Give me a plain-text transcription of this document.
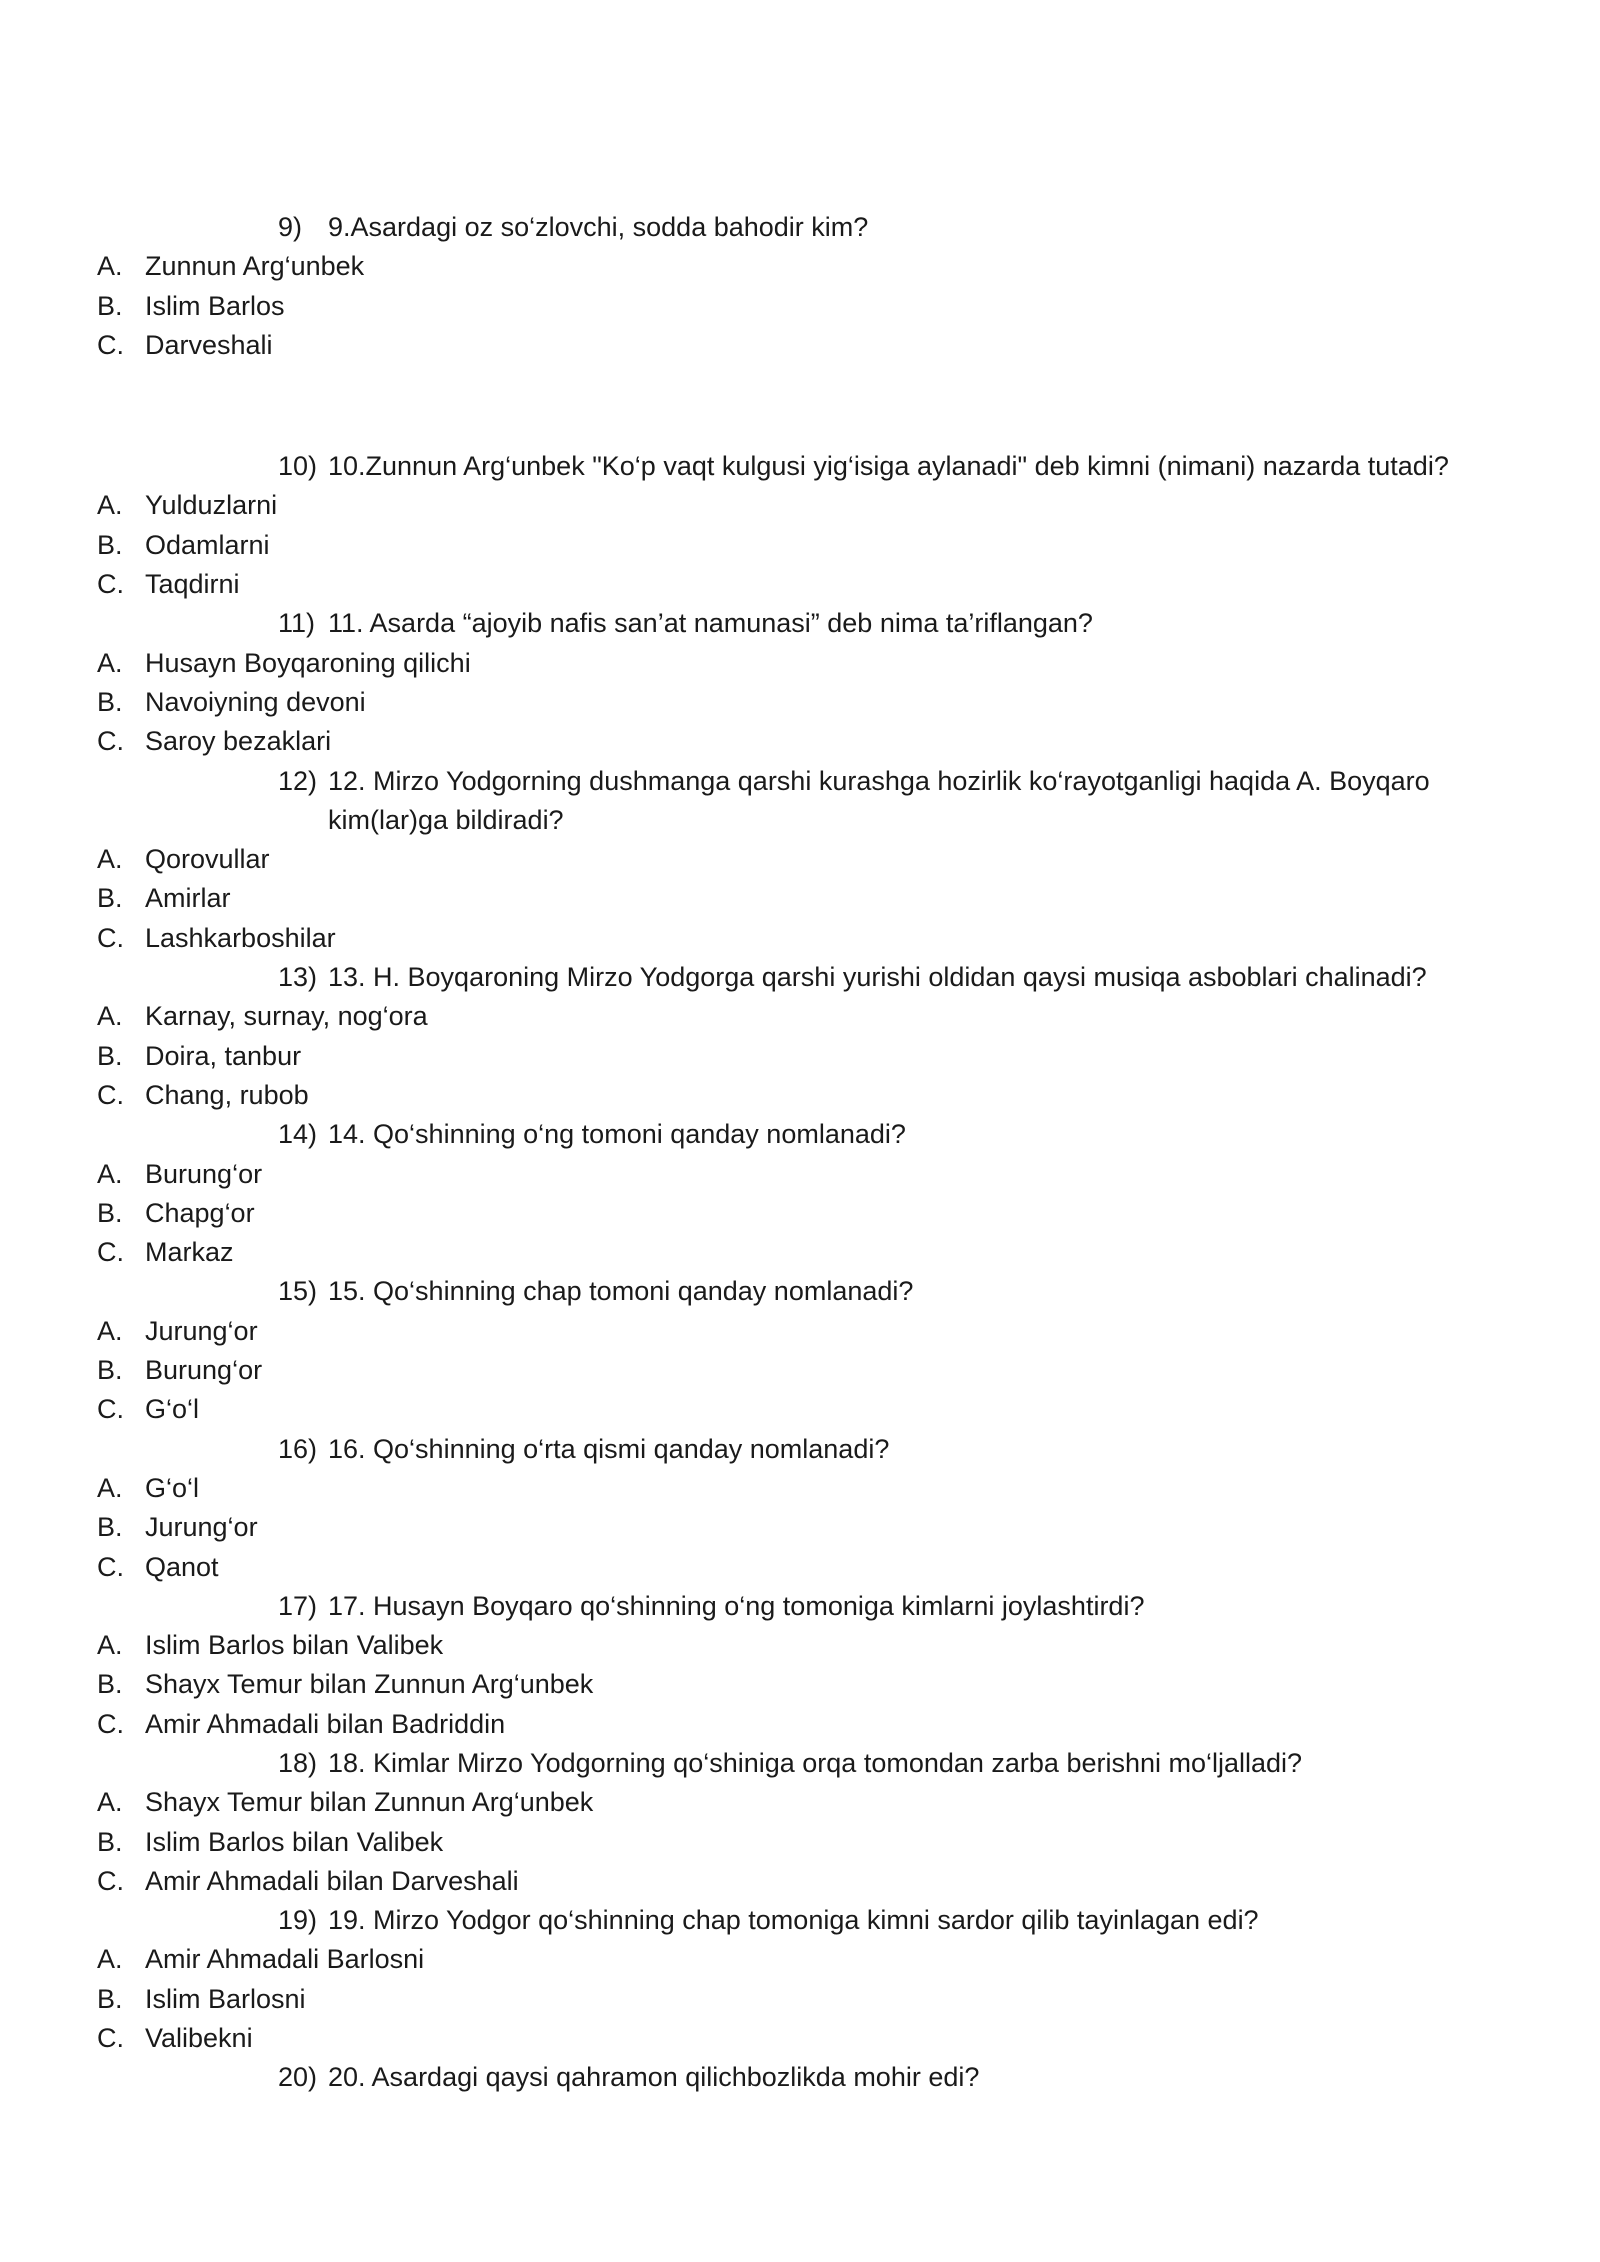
9) 9.Asardagi oz so‘zlovchi, sodda bahodir kim?
A. Zunnun Arg‘unbek
B. Islim Barlos
C. Darveshali
10) 10.Zunnun Arg‘unbek "Ko‘p vaqt kulgusi yig‘isiga aylanadi" deb kimni (nimani) nazarda tutadi?
A. Yulduzlarni
B. Odamlarni
C. Taqdirni
11) 11. Asarda “ajoyib nafis san’at namunasi” deb nima ta’riflangan?
A. Husayn Boyqaroning qilichi
B. Navoiyning devoni
C. Saroy bezaklari
12) 12. Mirzo Yodgorning dushmanga qarshi kurashga hozirlik ko‘rayotganligi haqida A. Boyqaro kim(lar)ga bildiradi?
A. Qorovullar
B. Amirlar
C. Lashkarboshilar
13) 13. H. Boyqaroning Mirzo Yodgorga qarshi yurishi oldidan qaysi musiqa asboblari chalinadi?
A. Karnay, surnay, nog‘ora
B. Doira, tanbur
C. Chang, rubob
14) 14. Qo‘shinning o‘ng tomoni qanday nomlanadi?
A. Burung‘or
B. Chapg‘or
C. Markaz
15) 15. Qo‘shinning chap tomoni qanday nomlanadi?
A. Jurung‘or
B. Burung‘or
C. G‘o‘l
16) 16. Qo‘shinning o‘rta qismi qanday nomlanadi?
A. G‘o‘l
B. Jurung‘or
C. Qanot
17) 17. Husayn Boyqaro qo‘shinning o‘ng tomoniga kimlarni joylashtirdi?
A. Islim Barlos bilan Valibek
B. Shayx Temur bilan Zunnun Arg‘unbek
C. Amir Ahmadali bilan Badriddin
18) 18. Kimlar Mirzo Yodgorning qo‘shiniga orqa tomondan zarba berishni mo‘ljalladi?
A. Shayx Temur bilan Zunnun Arg‘unbek
B. Islim Barlos bilan Valibek
C. Amir Ahmadali bilan Darveshali
19) 19. Mirzo Yodgor qo‘shinning chap tomoniga kimni sardor qilib tayinlagan edi?
A. Amir Ahmadali Barlosni
B. Islim Barlosni
C. Valibekni
20) 20. Asardagi qaysi qahramon qilichbozlikda mohir edi?
